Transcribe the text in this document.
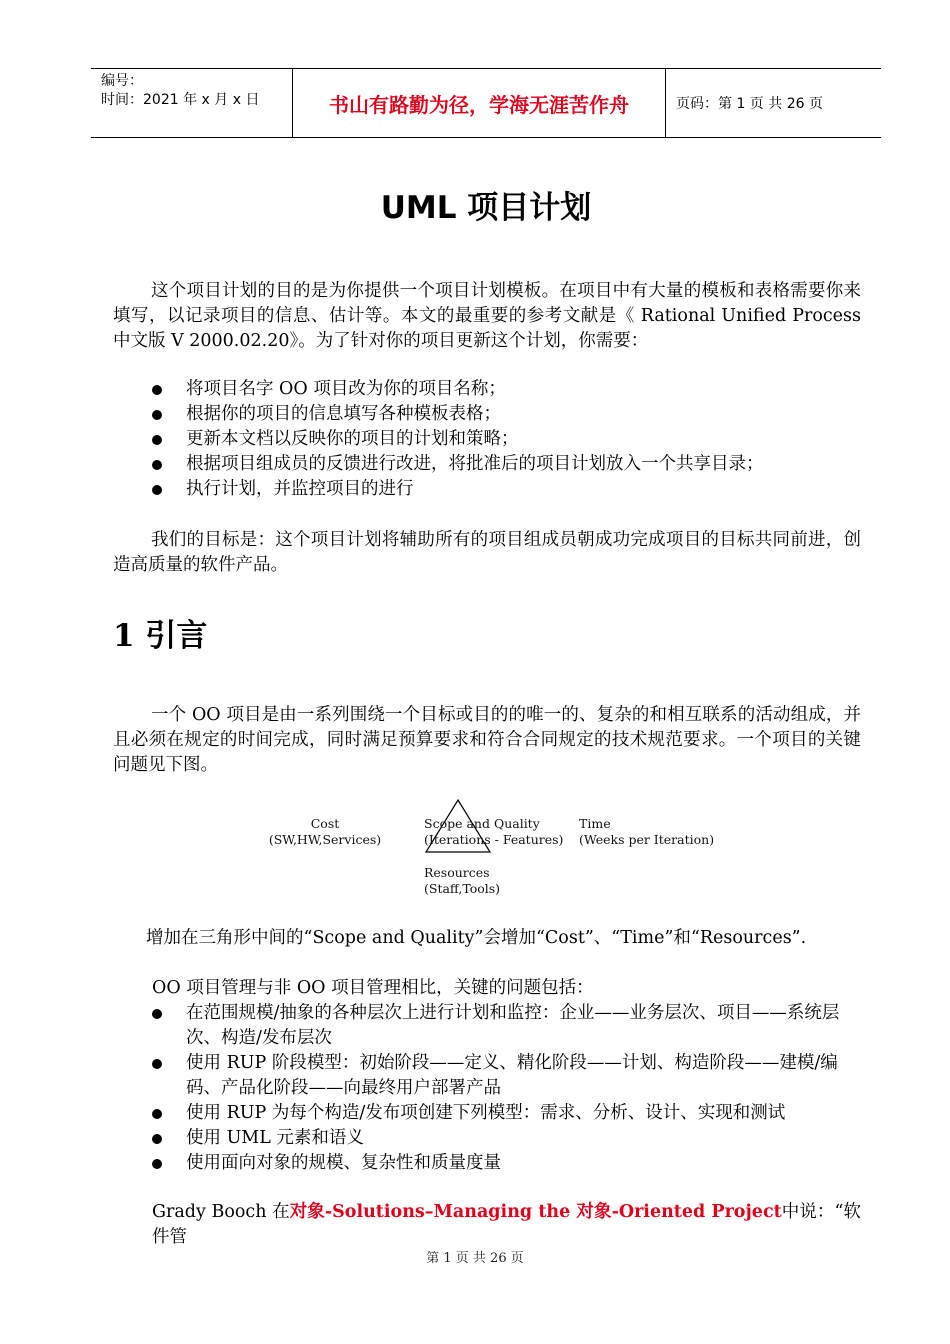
编号：
时间：2021 年 x 月 x 日	书山有路勤为径，学海无涯苦作舟	页码：第 1 页 共 26 页
UML 项目计划
这个项目计划的目的是为你提供一个项目计划模板。在项目中有大量的模板和表格需要你来填写，以记录项目的信息、估计等。本文的最重要的参考文献是《 Rational Unified Process 中文版 V 2000.02.20》。为了针对你的项目更新这个计划，你需要：
将项目名字 OO 项目改为你的项目名称；
根据你的项目的信息填写各种模板表格；
更新本文档以反映你的项目的计划和策略；
根据项目组成员的反馈进行改进，将批准后的项目计划放入一个共享目录；
执行计划，并监控项目的进行
我们的目标是：这个项目计划将辅助所有的项目组成员朝成功完成项目的目标共同前进，创造高质量的软件产品。
1 引言
一个 OO 项目是由一系列围绕一个目标或目的的唯一的、复杂的和相互联系的活动组成，并且必须在规定的时间完成，同时满足预算要求和符合合同规定的技术规范要求。一个项目的关键问题见下图。
Cost
(SW,HW,Services)
Scope and Quality
(Iterations - Features)
Time
(Weeks per Iteration)
Resources
(Staff,Tools)
增加在三角形中间的“Scope and Quality”会增加“Cost”、“Time”和“Resources”.
OO 项目管理与非 OO 项目管理相比，关键的问题包括：
在范围规模/抽象的各种层次上进行计划和监控：企业——业务层次、项目——系统层次、构造/发布层次
使用 RUP 阶段模型：初始阶段——定义、精化阶段——计划、构造阶段——建模/编码、产品化阶段——向最终用户部署产品
使用 RUP 为每个构造/发布项创建下列模型：需求、分析、设计、实现和测试
使用 UML 元素和语义
使用面向对象的规模、复杂性和质量度量
Grady Booch 在对象-Solutions–Managing the 对象-Oriented Project中说：“软件管
第 1 页 共 26 页
